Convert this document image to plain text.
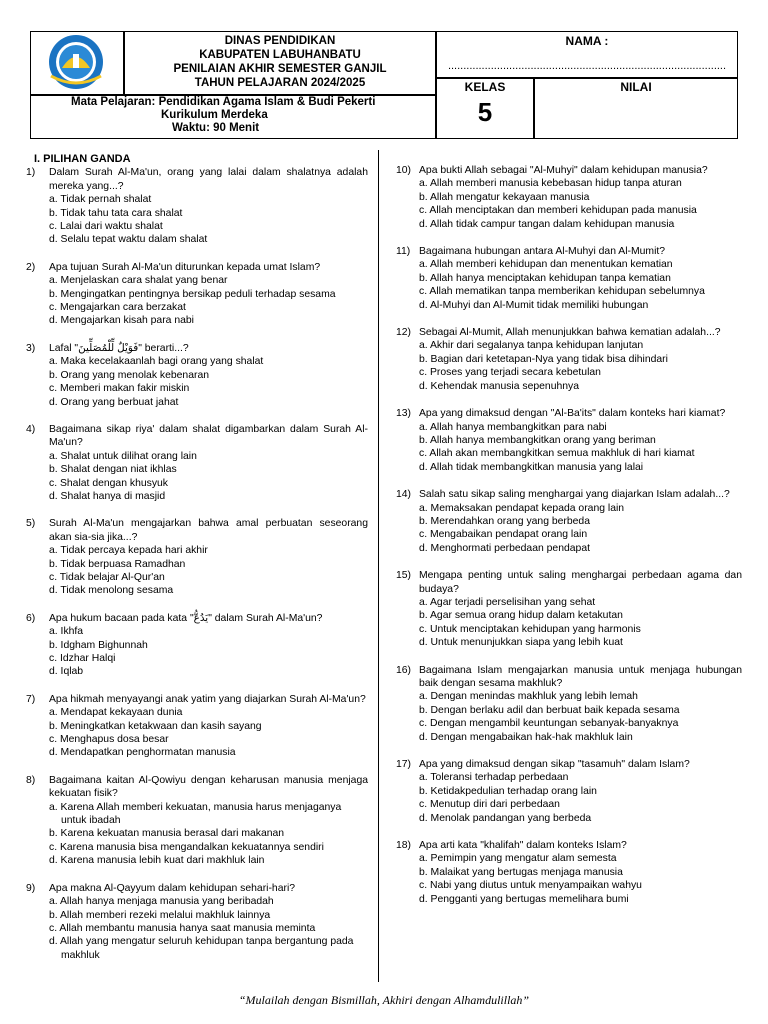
DINAS PENDIDIKAN
KABUPATEN LABUHANBATU
PENILAIAN AKHIR SEMESTER GANJIL
TAHUN PELAJARAN 2024/2025
NAMA :
...........................................................................................
Mata Pelajaran: Pendidikan Agama Islam & Budi Pekerti
Kurikulum Merdeka
Waktu: 90 Menit
KELAS
5
NILAI
I. PILIHAN GANDA
1)	Dalam Surah Al-Ma'un, orang yang lalai dalam shalatnya adalah mereka yang...?
a. Tidak pernah shalat
b. Tidak tahu tata cara shalat
c. Lalai dari waktu shalat
d. Selalu tepat waktu dalam shalat
2)	Apa tujuan Surah Al-Ma'un diturunkan kepada umat Islam?
a. Menjelaskan cara shalat yang benar
b. Mengingatkan pentingnya bersikap peduli terhadap sesama
c. Mengajarkan cara berzakat
d. Mengajarkan kisah para nabi
3)	Lafal "فَوَيْلٌ لِّلْمُصَلِّينَ" berarti...?
a. Maka kecelakaanlah bagi orang yang shalat
b. Orang yang menolak kebenaran
c. Memberi makan fakir miskin
d. Orang yang berbuat jahat
4)	Bagaimana sikap riya' dalam shalat digambarkan dalam Surah Al-Ma'un?
a. Shalat untuk dilihat orang lain
b. Shalat dengan niat ikhlas
c. Shalat dengan khusyuk
d. Shalat hanya di masjid
5)	Surah Al-Ma'un mengajarkan bahwa amal perbuatan seseorang akan sia-sia jika...?
a. Tidak percaya kepada hari akhir
b. Tidak berpuasa Ramadhan
c. Tidak belajar Al-Qur'an
d. Tidak menolong sesama
6)	Apa hukum bacaan pada kata "يَدُعُّ" dalam Surah Al-Ma'un?
a. Ikhfa
b. Idgham Bighunnah
c. Idzhar Halqi
d. Iqlab
7)	Apa hikmah menyayangi anak yatim yang diajarkan Surah Al-Ma'un?
a. Mendapat kekayaan dunia
b. Meningkatkan ketakwaan dan kasih sayang
c. Menghapus dosa besar
d. Mendapatkan penghormatan manusia
8)	Bagaimana kaitan Al-Qowiyu dengan keharusan manusia menjaga kekuatan fisik?
a. Karena Allah memberi kekuatan, manusia harus menjaganya untuk ibadah
b. Karena kekuatan manusia berasal dari makanan
c. Karena manusia bisa mengandalkan kekuatannya sendiri
d. Karena manusia lebih kuat dari makhluk lain
9)	Apa makna Al-Qayyum dalam kehidupan sehari-hari?
a. Allah hanya menjaga manusia yang beribadah
b. Allah memberi rezeki melalui makhluk lainnya
c. Allah membantu manusia hanya saat manusia meminta
d. Allah yang mengatur seluruh kehidupan tanpa bergantung pada makhluk
10) Apa bukti Allah sebagai "Al-Muhyi" dalam kehidupan manusia?
a. Allah memberi manusia kebebasan hidup tanpa aturan
b. Allah mengatur kekayaan manusia
c. Allah menciptakan dan memberi kehidupan pada manusia
d. Allah tidak campur tangan dalam kehidupan manusia
11) Bagaimana hubungan antara Al-Muhyi dan Al-Mumit?
a. Allah memberi kehidupan dan menentukan kematian
b. Allah hanya menciptakan kehidupan tanpa kematian
c. Allah mematikan tanpa memberikan kehidupan sebelumnya
d. Al-Muhyi dan Al-Mumit tidak memiliki hubungan
12) Sebagai Al-Mumit, Allah menunjukkan bahwa kematian adalah...?
a. Akhir dari segalanya tanpa kehidupan lanjutan
b. Bagian dari ketetapan-Nya yang tidak bisa dihindari
c. Proses yang terjadi secara kebetulan
d. Kehendak manusia sepenuhnya
13) Apa yang dimaksud dengan "Al-Ba'its" dalam konteks hari kiamat?
a. Allah hanya membangkitkan para nabi
b. Allah hanya membangkitkan orang yang beriman
c. Allah akan membangkitkan semua makhluk di hari kiamat
d. Allah tidak membangkitkan manusia yang lalai
14) Salah satu sikap saling menghargai yang diajarkan Islam adalah...?
a. Memaksakan pendapat kepada orang lain
b. Merendahkan orang yang berbeda
c. Mengabaikan pendapat orang lain
d. Menghormati perbedaan pendapat
15) Mengapa penting untuk saling menghargai perbedaan agama dan budaya?
a. Agar terjadi perselisihan yang sehat
b. Agar semua orang hidup dalam ketakutan
c. Untuk menciptakan kehidupan yang harmonis
d. Untuk menunjukkan siapa yang lebih kuat
16) Bagaimana Islam mengajarkan manusia untuk menjaga hubungan baik dengan sesama makhluk?
a. Dengan menindas makhluk yang lebih lemah
b. Dengan berlaku adil dan berbuat baik kepada sesama
c. Dengan mengambil keuntungan sebanyak-banyaknya
d. Dengan mengabaikan hak-hak makhluk lain
17) Apa yang dimaksud dengan sikap "tasamuh" dalam Islam?
a. Toleransi terhadap perbedaan
b. Ketidakpedulian terhadap orang lain
c. Menutup diri dari perbedaan
d. Menolak pandangan yang berbeda
18) Apa arti kata "khalifah" dalam konteks Islam?
a. Pemimpin yang mengatur alam semesta
b. Malaikat yang bertugas menjaga manusia
c. Nabi yang diutus untuk menyampaikan wahyu
d. Pengganti yang bertugas memelihara bumi
“Mulailah dengan Bismillah, Akhiri dengan Alhamdulillah”
